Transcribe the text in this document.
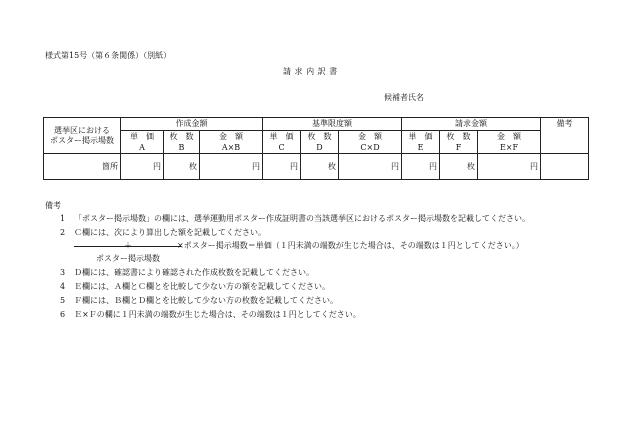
様式第15号（第６条関係）（別紙）
請 求 内 訳 書
候補者氏名
選挙区における
ポスター掲示場数	作成金額			基準限度額			請求金額			備考
	単　価	枚　数	金　額	単　価	枚　数	金　額	単　価	枚　数	金　額	
	A	B	A×B	C	D	C×D	E	F	E×F	

箇所	円	枚	円	円	枚	円	円	枚	円	

備考
1 「ポスター掲示場数」の欄には、選挙運動用ポスター作成証明書の当該選挙区におけるポスター掲示場数を記載してください。
2 Ｃ欄には、次により算出した額を記載してください。
＋	×ポスター掲示場数＝単価（１円未満の端数が生じた場合は、その端数は１円としてください。）
ポスター掲示場数
3 Ｄ欄には、確認書により確認された作成枚数を記載してください。
4 Ｅ欄には、Ａ欄とＣ欄とを比較して少ない方の額を記載してください。
5 Ｆ欄には、Ｂ欄とＤ欄とを比較して少ない方の枚数を記載してください。
6 Ｅ×Ｆの欄に１円未満の端数が生じた場合は、その端数は１円としてください。
